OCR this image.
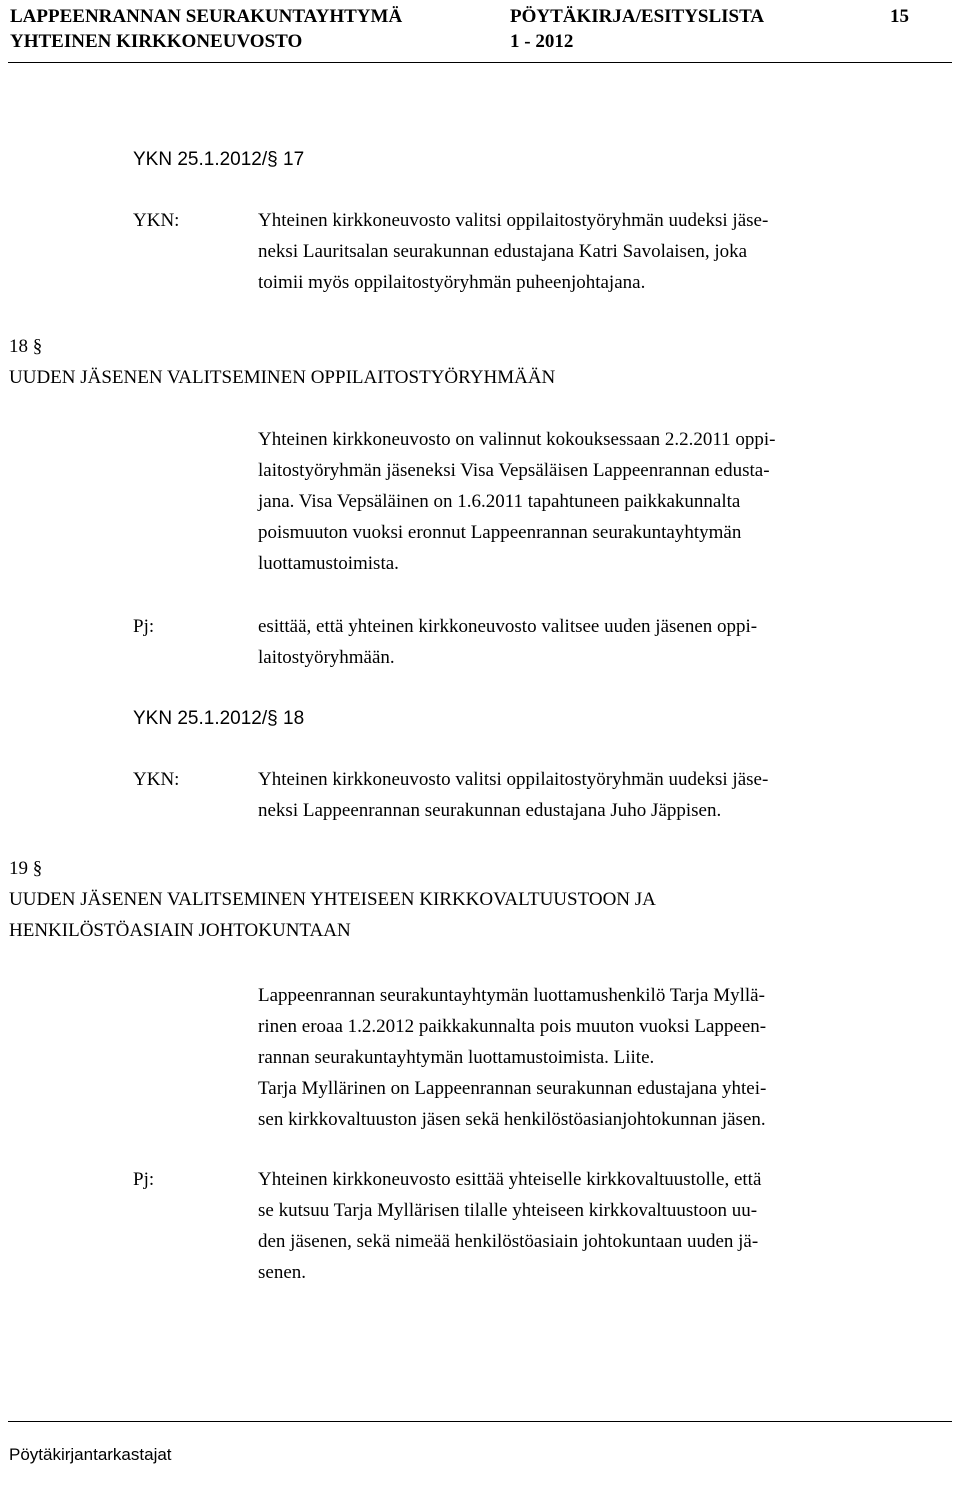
LAPPEENRANNAN SEURAKUNTAYHTYMÄ	PÖYTÄKIRJA/ESITYSLISTA	15
YHTEINEN KIRKKONEUVOSTO	1 - 2012
YKN 25.1.2012/§ 17
YKN:	Yhteinen kirkkoneuvosto valitsi oppilaitostyöryhmän uudeksi jäse-
neksi Lauritsalan seurakunnan edustajana Katri Savolaisen, joka
toimii myös oppilaitostyöryhmän puheenjohtajana.

18 §
UUDEN JÄSENEN VALITSEMINEN OPPILAITOSTYÖRYHMÄÄN

Yhteinen kirkkoneuvosto on valinnut kokouksessaan 2.2.2011 oppi-
laitostyöryhmän jäseneksi Visa Vepsäläisen Lappeenrannan edusta-
jana. Visa Vepsäläinen on 1.6.2011 tapahtuneen paikkakunnalta
poismuuton vuoksi eronnut Lappeenrannan seurakuntayhtymän
luottamustoimista.

Pj:	esittää, että yhteinen kirkkoneuvosto valitsee uuden jäsenen oppi-
laitostyöryhmään.

YKN 25.1.2012/§ 18
YKN:	Yhteinen kirkkoneuvosto valitsi oppilaitostyöryhmän uudeksi jäse-
neksi Lappeenrannan seurakunnan edustajana Juho Jäppisen.

19 §
UUDEN JÄSENEN VALITSEMINEN YHTEISEEN KIRKKOVALTUUSTOON JA
HENKILÖSTÖASIAIN JOHTOKUNTAAN

Lappeenrannan seurakuntayhtymän luottamushenkilö Tarja Myllä-
rinen eroaa 1.2.2012 paikkakunnalta pois muuton vuoksi Lappeen-
rannan seurakuntayhtymän luottamustoimista. Liite.
Tarja Myllärinen on Lappeenrannan seurakunnan edustajana yhtei-
sen kirkkovaltuuston jäsen sekä henkilöstöasianjohtokunnan jäsen.

Pj:	Yhteinen kirkkoneuvosto esittää yhteiselle kirkkovaltuustolle, että
se kutsuu Tarja Myllärisen tilalle yhteiseen kirkkovaltuustoon uu-
den jäsenen, sekä nimeää henkilöstöasiain johtokuntaan uuden jä-
senen.

Pöytäkirjantarkastajat
